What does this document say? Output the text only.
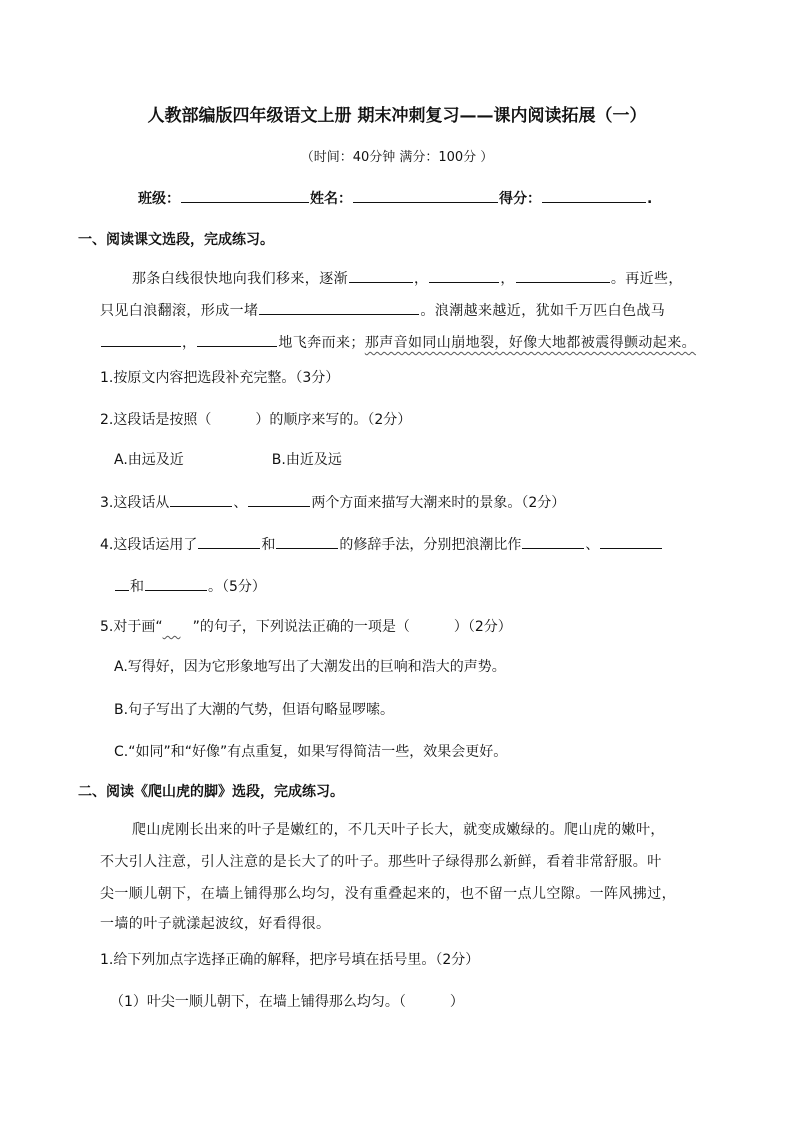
人教部编版四年级语文上册 期末冲刺复习——课内阅读拓展（一）
（时间：40分钟 满分：100分 ）
班级：	姓名：	得分：	.
一、阅读课文选段，完成练习。
那条白线很快地向我们移来，逐渐	，	，	。再近些，
只见白浪翻滚，形成一堵	。浪潮越来越近，犹如千万匹白色战马
，	地飞奔而来；那声音如同山崩地裂，好像大地都被震得颤动起来。
1.按原文内容把选段补充完整。（3分）
2.这段话是按照（	）的顺序来写的。（2分）
A.由远及近	B.由近及远
3.这段话从	、	两个方面来描写大潮来时的景象。（2分）
4.这段话运用了	和	的修辞手法，分别把浪潮比作	、
和	。（5分）
5.对于画“ ”的句子，下列说法正确的一项是（	）（2分）
A.写得好，因为它形象地写出了大潮发出的巨响和浩大的声势。
B.句子写出了大潮的气势，但语句略显啰嗦。
C.“如同”和“好像”有点重复，如果写得简洁一些，效果会更好。
二、阅读《爬山虎的脚》选段，完成练习。
爬山虎刚长出来的叶子是嫩红的，不几天叶子长大，就变成嫩绿的。爬山虎的嫩叶，
不大引人注意，引人注意的是长大了的叶子。那些叶子绿得那么新鲜，看着非常舒服。叶
尖一顺儿朝下，在墙上铺得那么均匀，没有重叠起来的，也不留一点儿空隙。一阵风拂过，
一墙的叶子就漾起波纹，好看得很。
1.给下列加点字选择正确的解释，把序号填在括号里。（2分）
（1）叶尖一顺儿朝下，在墙上铺得那么均匀。（	）
